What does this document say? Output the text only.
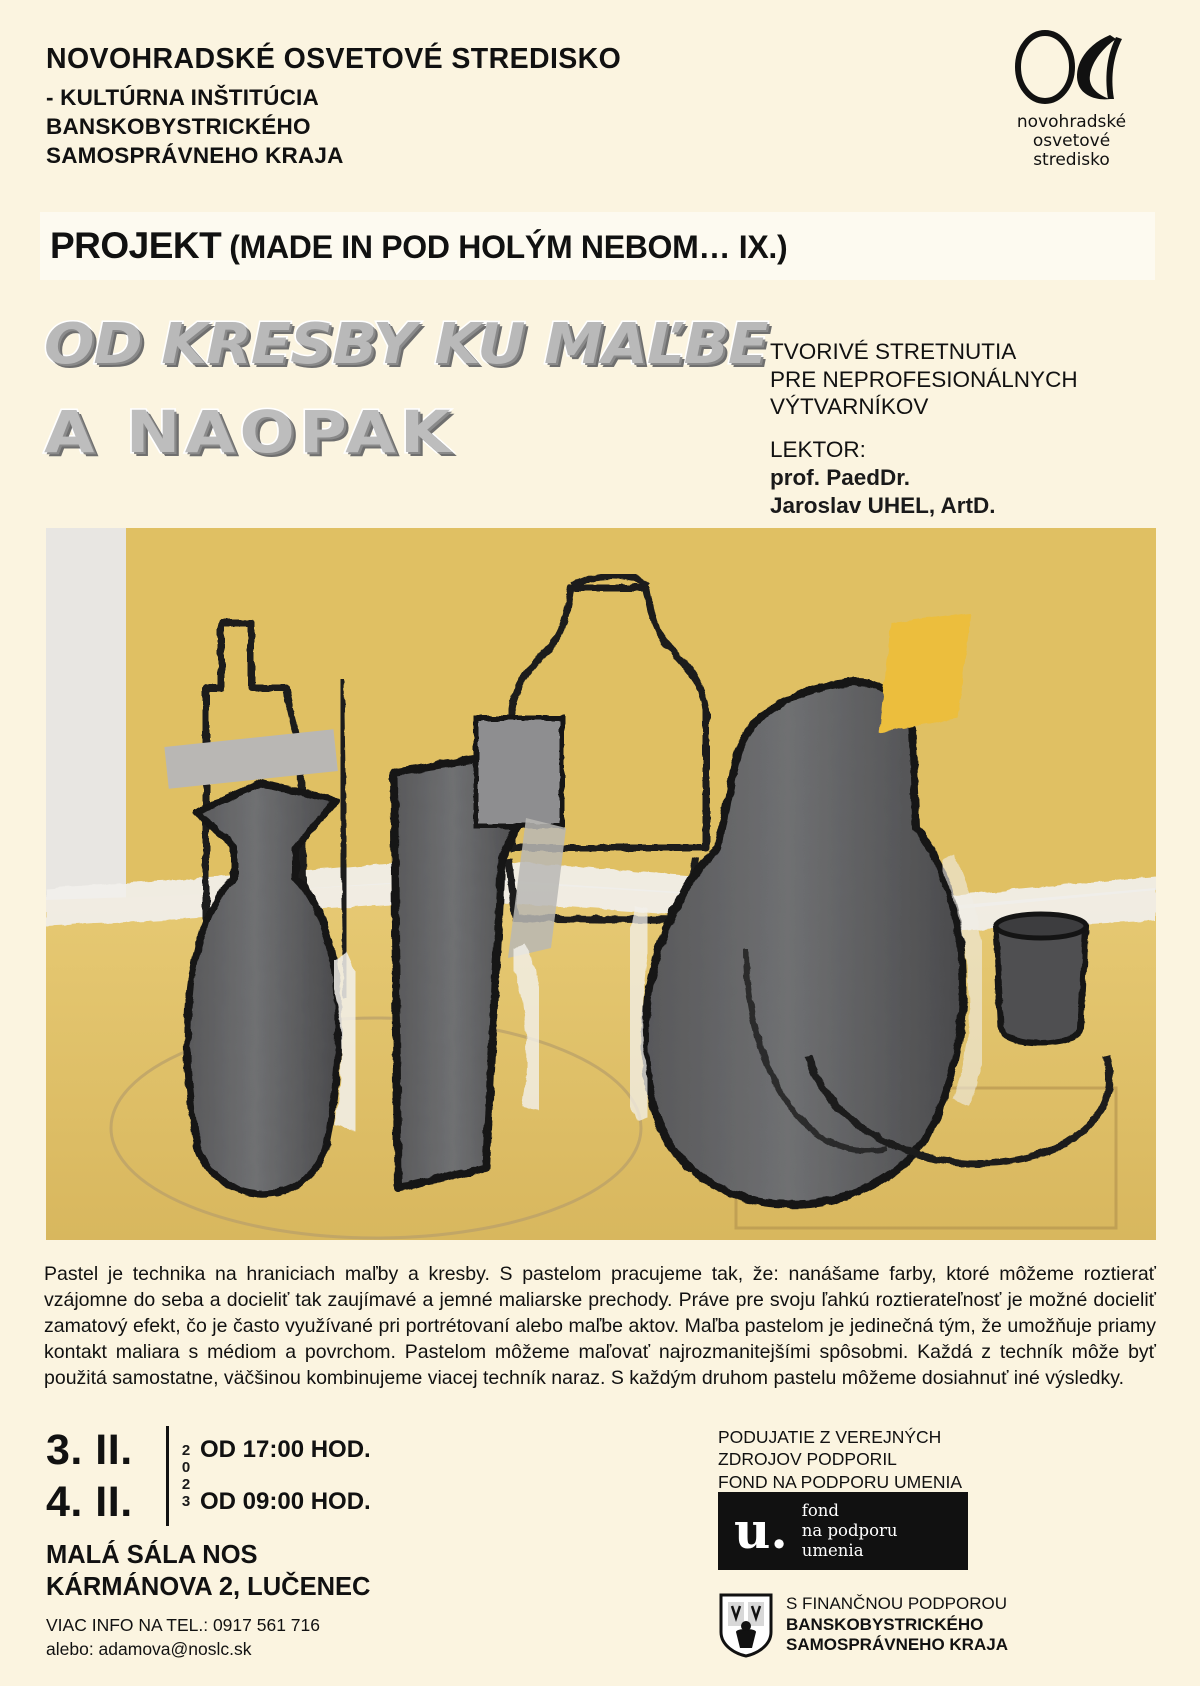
NOVOHRADSKÉ OSVETOVÉ STREDISKO
- KULTÚRNA INŠTITÚCIA
BANSKOBYSTRICKÉHO
SAMOSPRÁVNEHO KRAJA
novohradské
osvetové
stredisko
PROJEKT (MADE IN POD HOLÝM NEBOM… IX.)
OD KRESBY KU MAĽBE
A NAOPAK
TVORIVÉ STRETNUTIA
PRE NEPROFESIONÁLNYCH
VÝTVARNÍKOV
LEKTOR:
prof. PaedDr.
Jaroslav UHEL, ArtD.
Pastel je technika na hraniciach maľby a kresby. S pastelom pracujeme tak, že: nanášame farby, ktoré môžeme roztierať vzájomne do seba a docieliť tak zaujímavé a jemné maliarske prechody. Práve pre svoju ľahkú roztierateľnosť je možné docieliť zamatový efekt, čo je často využívané pri portrétovaní alebo maľbe aktov. Maľba pastelom je jedinečná tým, že umožňuje priamy kontakt maliara s médiom a povrchom. Pastelom môžeme maľovať najrozmanitejšími spôsobmi. Každá z techník môže byť použitá samostatne, väčšinou kombinujeme viacej techník naraz. S každým druhom pastelu môžeme dosiahnuť iné výsledky.
2
0
2
3
3. II.	OD 17:00 HOD.
4. II.	OD 09:00 HOD.
MALÁ SÁLA NOS
KÁRMÁNOVA 2, LUČENEC
VIAC INFO NA TEL.: 0917 561 716
alebo: adamova@noslc.sk
PODUJATIE Z VEREJNÝCH
ZDROJOV PODPORIL
FOND NA PODPORU UMENIA
u. fond
na podporu
umenia
S FINANČNOU PODPOROU
BANSKOBYSTRICKÉHO
SAMOSPRÁVNEHO KRAJA
